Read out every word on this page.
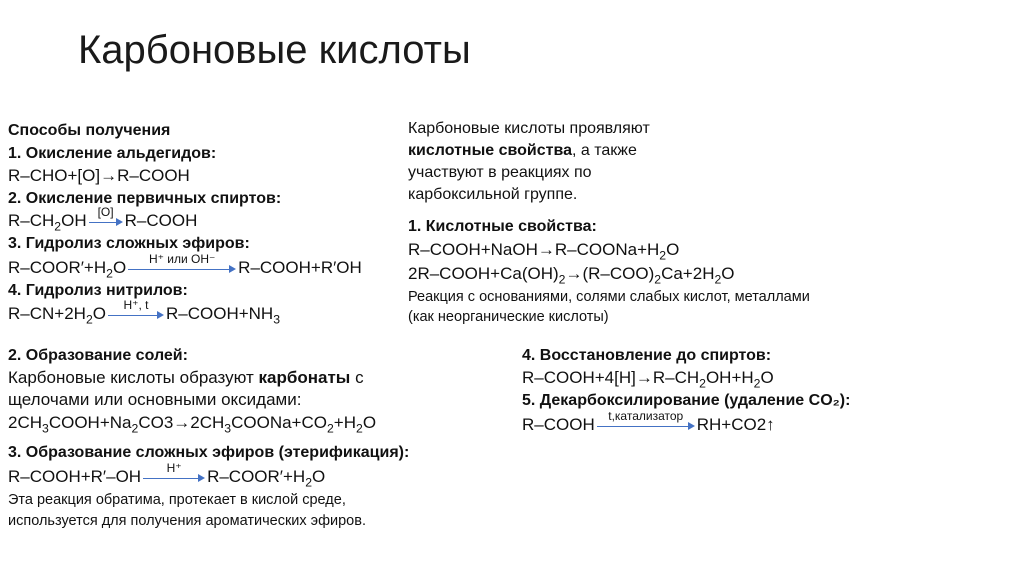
Карбоновые кислоты
Способы получения
1. Окисление альдегидов:
R–CHO+[O]→R–COOH
2. Окисление первичных спиртов:
$R-CH_2OH$ [O] R–COOH
3. Гидролиз сложных эфиров:
$R-COOR'+H_2O$	H⁺ или OH⁻	R–COOH+R′OH
4. Гидролиз нитрилов:
$R-CN+2H_2O$	H⁺, t	$R-COOH+NH_3$
Карбоновые кислоты проявляют
кислотные свойства, а также
участвуют в реакциях по
карбоксильной группе.
1. Кислотные свойства:
$R-COOH+NaOH\to R-COONa+H_2O$
$2R-COOH+Ca(OH)_2\to(R-COO)_2Ca+2H_2O$
Реакция с основаниями, солями слабых кислот, металлами
(как неорганические кислоты)
2. Образование солей:
Карбоновые кислоты образуют карбонаты с
щелочами или основными оксидами:
$2CH_3COOH+Na_2CO3\to 2CH_3COONa+CO_2+H_2O$
3. Образование сложных эфиров (этерификация):
R–COOH+R′–OH	H⁺	$R-COOR'+H_2O$
Эта реакция обратима, протекает в кислой среде,
используется для получения ароматических эфиров.
4. Восстановление до спиртов:
$R-COOH+4[H]\to R-CH_2OH+H_2O$
5. Декарбоксилирование (удаление CO₂):
R–COOH	t,катализатор RH+CO2↑
